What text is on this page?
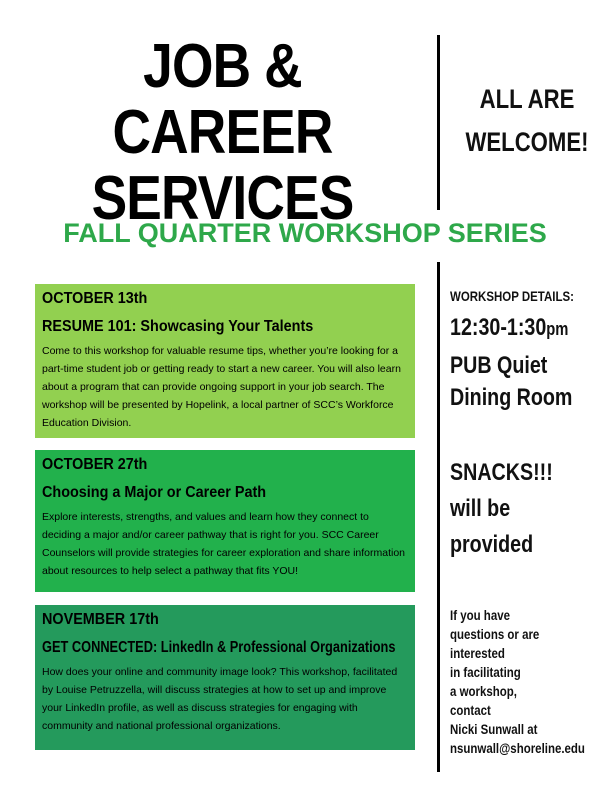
JOB & CAREER
SERVICES
ALL ARE
WELCOME!
FALL QUARTER WORKSHOP SERIES
OCTOBER 13th
RESUME 101: Showcasing Your Talents
Come to this workshop for valuable resume tips, whether you’re looking for a part-time student job or getting ready to start a new career. You will also learn about a program that can provide ongoing support in your job search. The workshop will be presented by Hopelink, a local partner of SCC’s Workforce Education Division.
OCTOBER 27th
Choosing a Major or Career Path
Explore interests, strengths, and values and learn how they connect to deciding a major and/or career pathway that is right for you. SCC Career Counselors will provide strategies for career exploration and share information about resources to help select a pathway that fits YOU!
NOVEMBER 17th
GET CONNECTED: LinkedIn & Professional Organizations
How does your online and community image look? This workshop, facilitated by Louise Petruzzella, will discuss strategies at how to set up and improve your LinkedIn profile, as well as discuss strategies for engaging with community and national professional organizations.
WORKSHOP DETAILS:
12:30-1:30pm
PUB Quiet
Dining Room
SNACKS!!!
will be
provided
If you have
questions or are
interested
in facilitating
a workshop,
contact
Nicki Sunwall at
nsunwall@shoreline.edu
